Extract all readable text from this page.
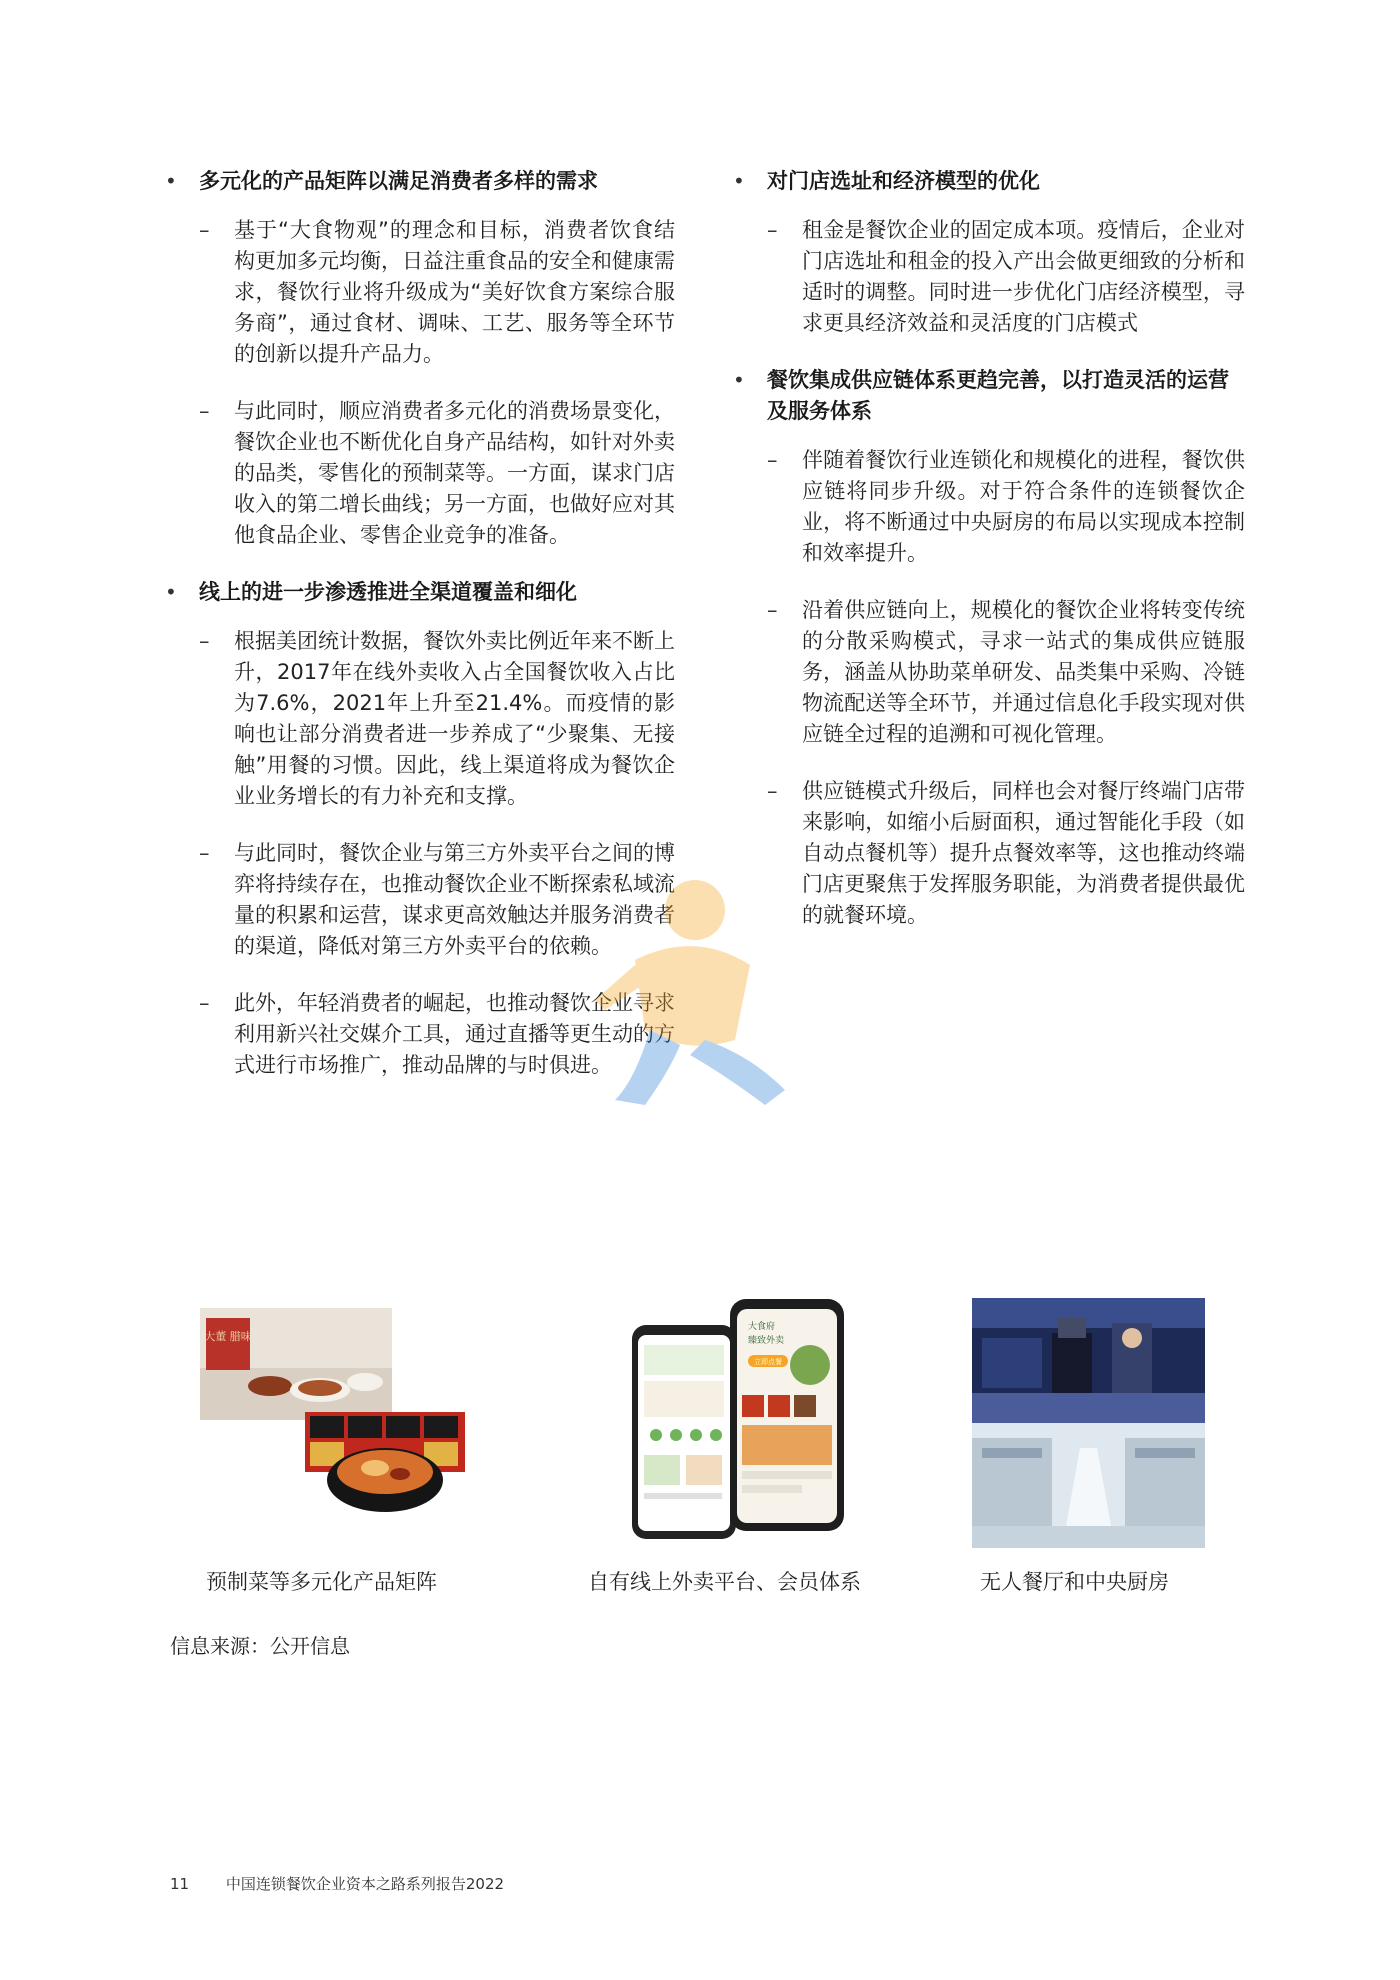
• 多元化的产品矩阵以满足消费者多样的需求
– 基于“大食物观”的理念和目标，消费者饮食结构更加多元均衡，日益注重食品的安全和健康需求，餐饮行业将升级成为“美好饮食方案综合服务商”，通过食材、调味、工艺、服务等全环节的创新以提升产品力。
– 与此同时，顺应消费者多元化的消费场景变化，餐饮企业也不断优化自身产品结构，如针对外卖的品类，零售化的预制菜等。一方面，谋求门店收入的第二增长曲线；另一方面，也做好应对其他食品企业、零售企业竞争的准备。
• 线上的进一步渗透推进全渠道覆盖和细化
– 根据美团统计数据，餐饮外卖比例近年来不断上升，2017年在线外卖收入占全国餐饮收入占比为7.6%，2021年上升至21.4%。而疫情的影响也让部分消费者进一步养成了“少聚集、无接触”用餐的习惯。因此，线上渠道将成为餐饮企业业务增长的有力补充和支撑。
– 与此同时，餐饮企业与第三方外卖平台之间的博弈将持续存在，也推动餐饮企业不断探索私域流量的积累和运营，谋求更高效触达并服务消费者的渠道，降低对第三方外卖平台的依赖。
– 此外，年轻消费者的崛起，也推动餐饮企业寻求利用新兴社交媒介工具，通过直播等更生动的方式进行市场推广，推动品牌的与时俱进。
• 对门店选址和经济模型的优化
– 租金是餐饮企业的固定成本项。疫情后，企业对门店选址和租金的投入产出会做更细致的分析和适时的调整。同时进一步优化门店经济模型，寻求更具经济效益和灵活度的门店模式
• 餐饮集成供应链体系更趋完善，以打造灵活的运营及服务体系
– 伴随着餐饮行业连锁化和规模化的进程，餐饮供应链将同步升级。对于符合条件的连锁餐饮企业，将不断通过中央厨房的布局以实现成本控制和效率提升。
– 沿着供应链向上，规模化的餐饮企业将转变传统的分散采购模式，寻求一站式的集成供应链服务，涵盖从协助菜单研发、品类集中采购、冷链物流配送等全环节，并通过信息化手段实现对供应链全过程的追溯和可视化管理。
– 供应链模式升级后，同样也会对餐厅终端门店带来影响，如缩小后厨面积，通过智能化手段（如自动点餐机等）提升点餐效率等，这也推动终端门店更聚焦于发挥服务职能，为消费者提供最优的就餐环境。
大董 腊味
预制菜等多元化产品矩阵
大食府
臻致外卖
立即点餐
自有线上外卖平台、会员体系	无人餐厅和中央厨房
信息来源：公开信息
11 中国连锁餐饮企业资本之路系列报告2022
